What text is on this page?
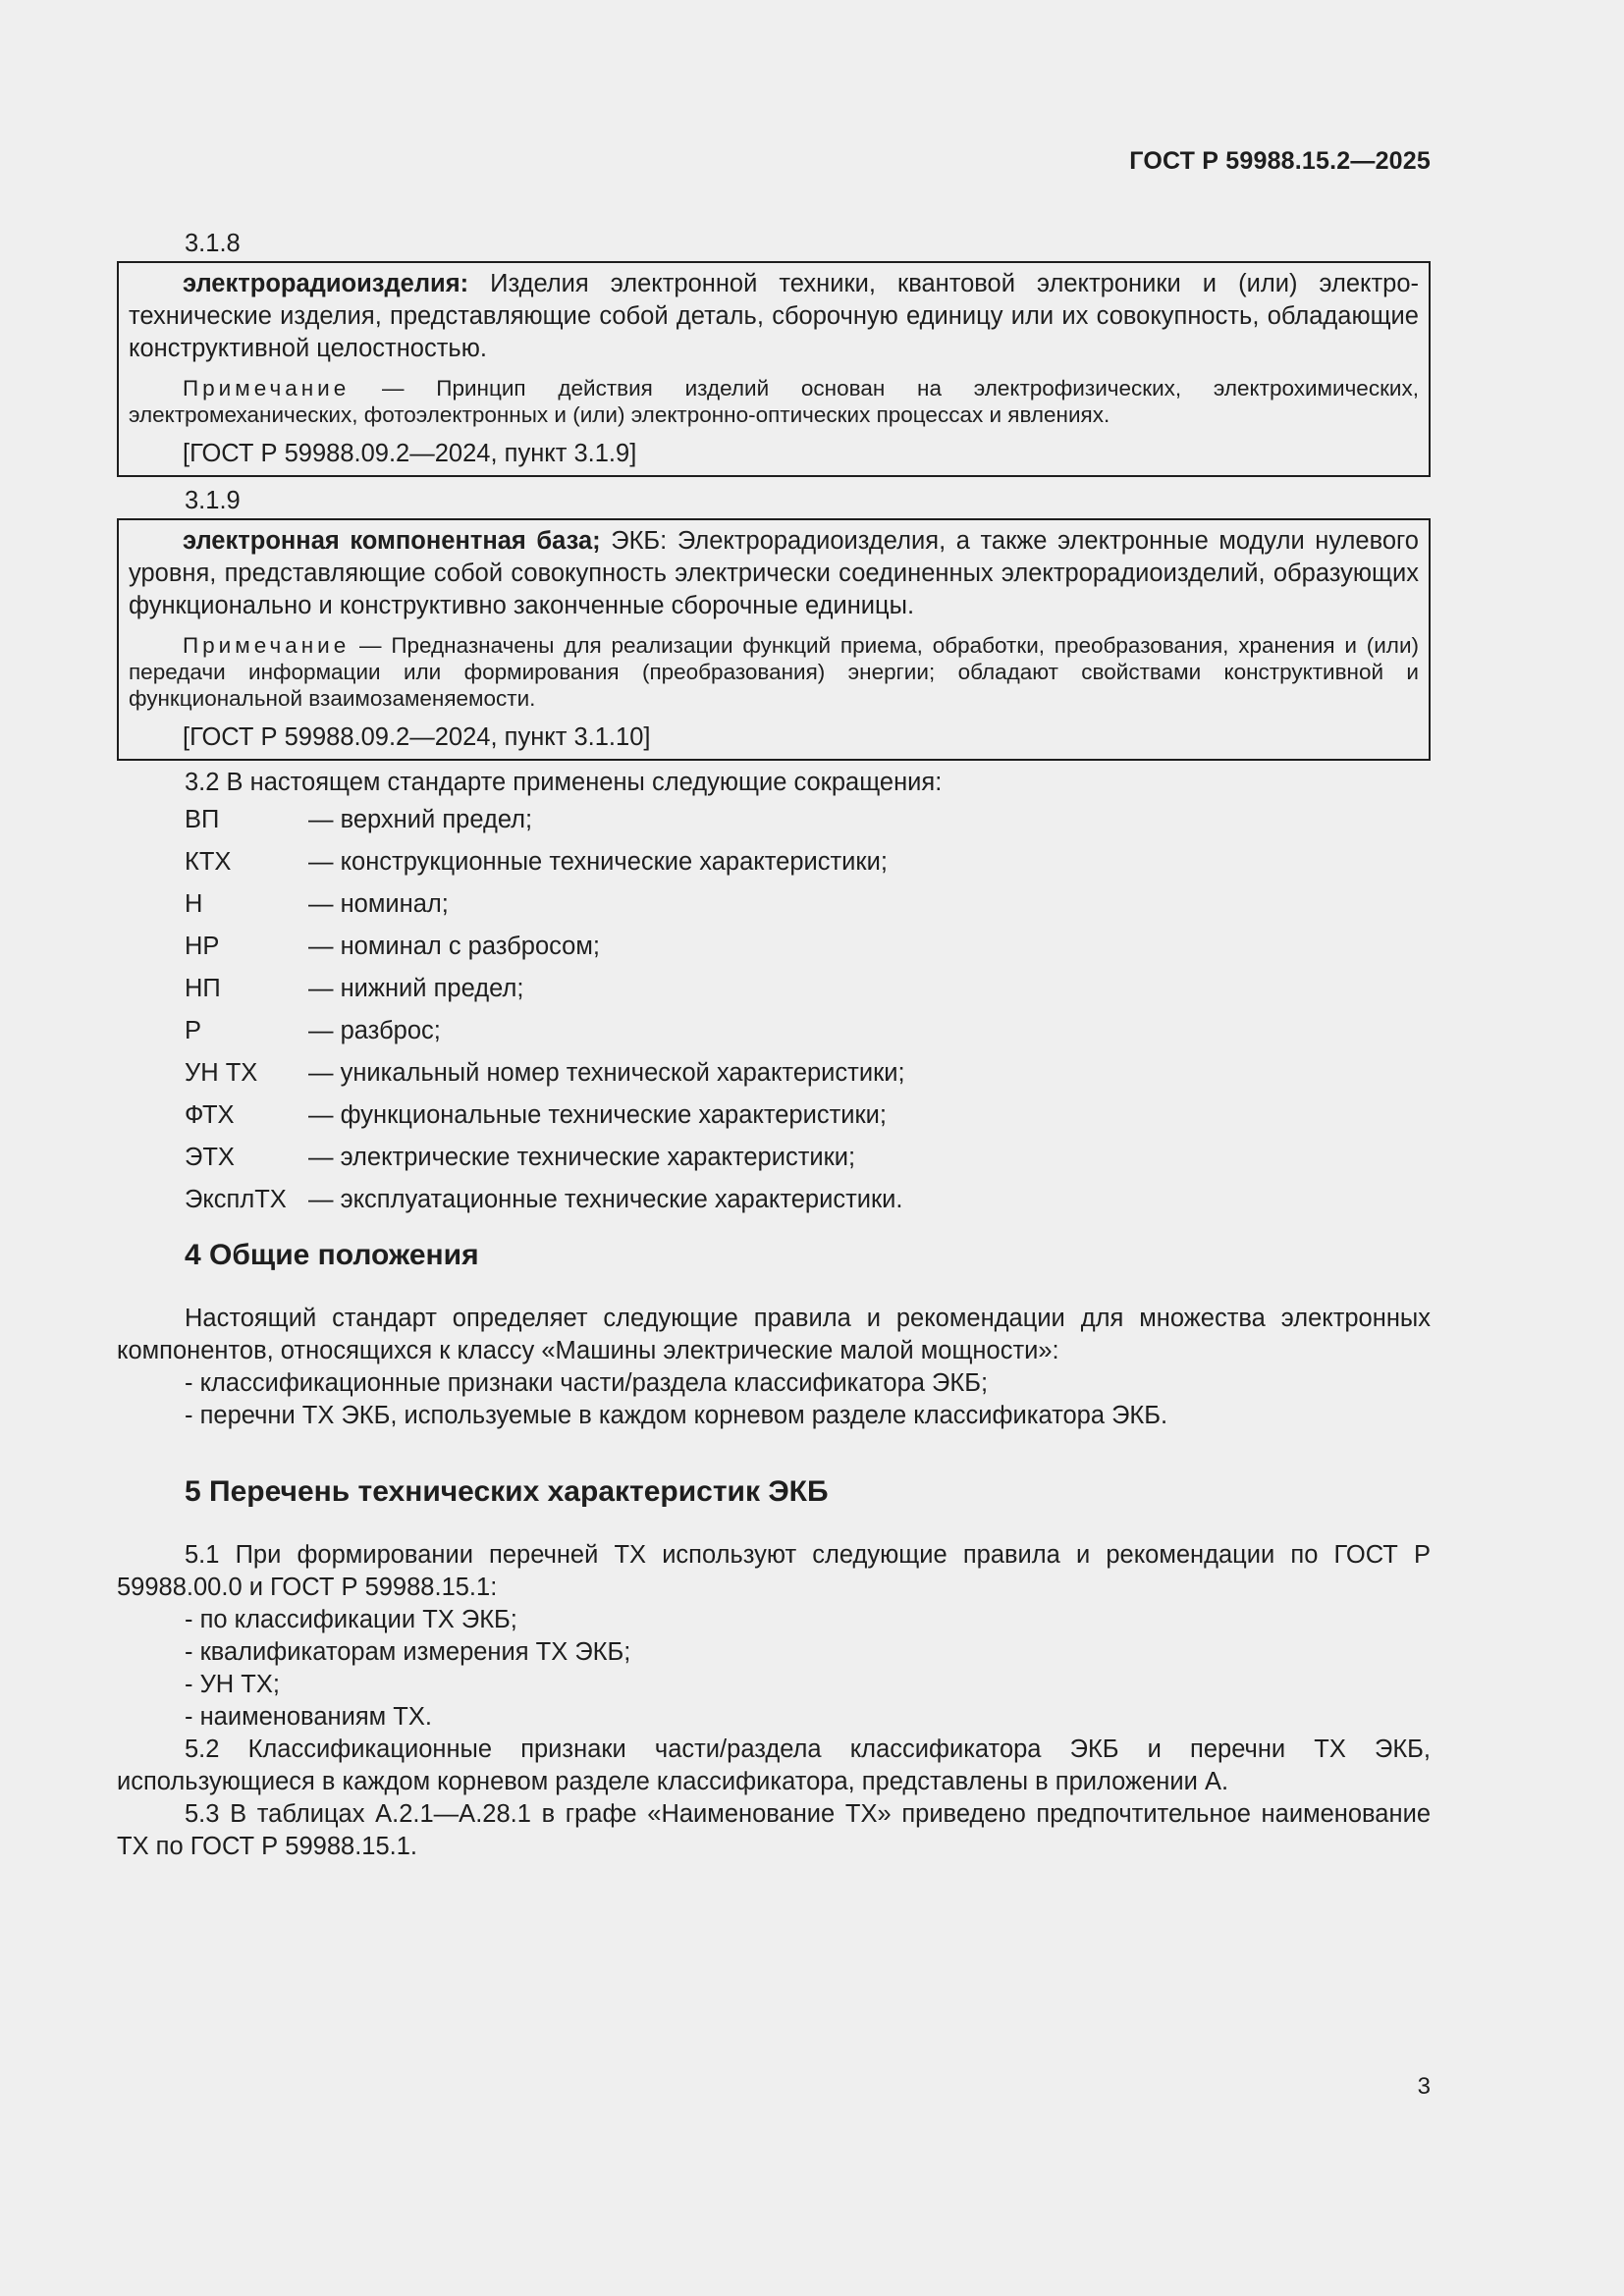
ГОСТ Р 59988.15.2—2025

3.1.8

электрорадиоизделия: Изделия электронной техники, квантовой электроники и (или) электро-технические изделия, представляющие собой деталь, сборочную единицу или их совокупность, обладающие конструктивной целостностью.

Примечание — Принцип действия изделий основан на электрофизических, электрохимических, электромеханических, фотоэлектронных и (или) электронно-оптических процессах и явлениях.

[ГОСТ Р 59988.09.2—2024, пункт 3.1.9]

3.1.9

электронная компонентная база; ЭКБ: Электрорадиоизделия, а также электронные модули нулевого уровня, представляющие собой совокупность электрически соединенных электрорадиоизделий, образующих функционально и конструктивно законченные сборочные единицы.

Примечание — Предназначены для реализации функций приема, обработки, преобразования, хранения и (или) передачи информации или формирования (преобразования) энергии; обладают свойствами конструктивной и функциональной взаимозаменяемости.

[ГОСТ Р 59988.09.2—2024, пункт 3.1.10]

3.2 В настоящем стандарте применены следующие сокращения:

ВП	— верхний предел;
КТХ	— конструкционные технические характеристики;
Н	— номинал;
НР	— номинал с разбросом;
НП	— нижний предел;
Р	— разброс;
УН ТХ	— уникальный номер технической характеристики;
ФТХ	— функциональные технические характеристики;
ЭТХ	— электрические технические характеристики;
ЭксплТХ — эксплуатационные технические характеристики.
4 Общие положения

Настоящий стандарт определяет следующие правила и рекомендации для множества электронных компонентов, относящихся к классу «Машины электрические малой мощности»:

- классификационные признаки части/раздела классификатора ЭКБ;
- перечни ТХ ЭКБ, используемые в каждом корневом разделе классификатора ЭКБ.
5 Перечень технических характеристик ЭКБ

5.1 При формировании перечней ТХ используют следующие правила и рекомендации по ГОСТ Р 59988.00.0 и ГОСТ Р 59988.15.1:

- по классификации ТХ ЭКБ;
- квалификаторам измерения ТХ ЭКБ;
- УН ТХ;
- наименованиям ТХ.

5.2 Классификационные признаки части/раздела классификатора ЭКБ и перечни ТХ ЭКБ, использующиеся в каждом корневом разделе классификатора, представлены в приложении А.

5.3 В таблицах А.2.1—А.28.1 в графе «Наименование ТХ» приведено предпочтительное наименование ТХ по ГОСТ Р 59988.15.1.

3
